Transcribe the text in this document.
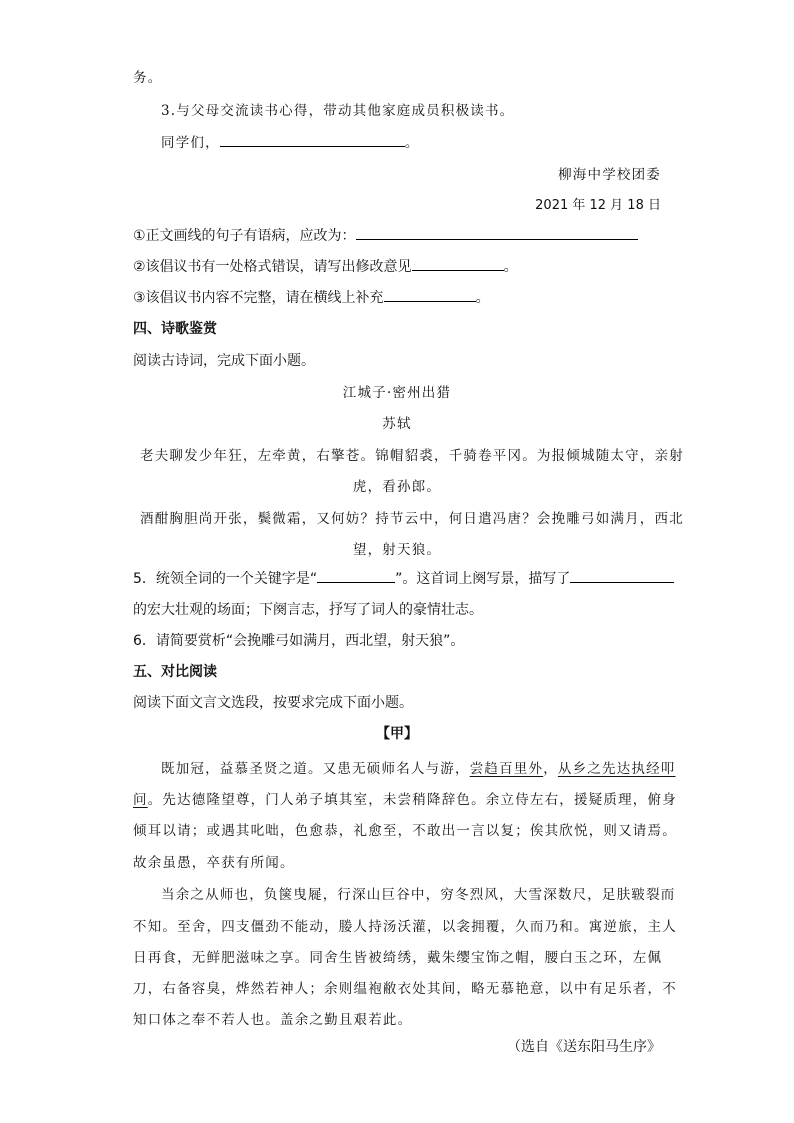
务。
3.与父母交流读书心得，带动其他家庭成员积极读书。
同学们，	。
柳海中学校团委
2021 年 12 月 18 日
①正文画线的句子有语病，应改为：
②该倡议书有一处格式错误，请写出修改意见	。
③该倡议书内容不完整，请在横线上补充	。
四、诗歌鉴赏
阅读古诗词，完成下面小题。
江城子·密州出猎
苏轼
老夫聊发少年狂，左牵黄，右擎苍。锦帽貂裘，千骑卷平冈。为报倾城随太守，亲射
虎，看孙郎。
酒酣胸胆尚开张，鬓微霜，又何妨？持节云中，何日遣冯唐？会挽雕弓如满月，西北
望，射天狼。
5．统领全词的一个关键字是“	”。这首词上阕写景，描写了
的宏大壮观的场面；下阕言志，抒写了词人的豪情壮志。
6．请简要赏析“会挽雕弓如满月，西北望，射天狼”。
五、对比阅读
阅读下面文言文选段，按要求完成下面小题。
【甲】
既加冠，益慕圣贤之道。又患无硕师名人与游，尝趋百里外，从乡之先达执经叩
问。先达德隆望尊，门人弟子填其室，未尝稍降辞色。余立侍左右，援疑质理，俯身
倾耳以请；或遇其叱咄，色愈恭，礼愈至，不敢出一言以复；俟其欣悦，则又请焉。
故余虽愚，卒获有所闻。
当余之从师也，负箧曳屣，行深山巨谷中，穷冬烈风，大雪深数尺，足肤皲裂而
不知。至舍，四支僵劲不能动，媵人持汤沃灌，以衾拥覆，久而乃和。寓逆旅，主人
日再食，无鲜肥滋味之享。同舍生皆被绮绣，戴朱缨宝饰之帽，腰白玉之环，左佩
刀，右备容臭，烨然若神人；余则缊袍敝衣处其间，略无慕艳意，以中有足乐者，不
知口体之奉不若人也。盖余之勤且艰若此。
（选自《送东阳马生序》
